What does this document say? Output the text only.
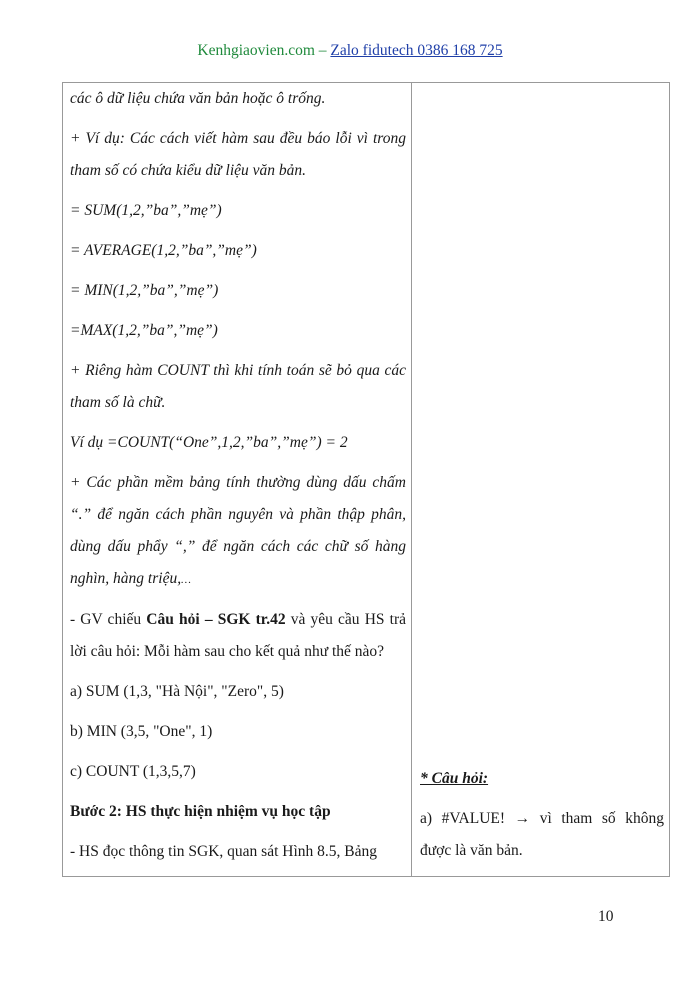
Kenhgiaovien.com – Zalo fidutech 0386 168 725

các ô dữ liệu chứa văn bản hoặc ô trống.

+ Ví dụ: Các cách viết hàm sau đều báo lỗi vì trong tham số có chứa kiểu dữ liệu văn bản.

= SUM(1,2,”ba”,”mẹ”)

= AVERAGE(1,2,”ba”,”mẹ”)

= MIN(1,2,”ba”,”mẹ”)

=MAX(1,2,”ba”,”mẹ”)

+ Riêng hàm COUNT thì khi tính toán sẽ bỏ qua các tham số là chữ.

Ví dụ =COUNT(“One”,1,2,”ba”,”mẹ”) = 2

+ Các phần mềm bảng tính thường dùng dấu chấm “.” để ngăn cách phần nguyên và phần thập phân, dùng dấu phẩy “,” để ngăn cách các chữ số hàng nghìn, hàng triệu,…

- GV chiếu Câu hỏi – SGK tr.42 và yêu cầu HS trả lời câu hỏi: Mỗi hàm sau cho kết quả như thế nào?

a) SUM (1,3, "Hà Nội", "Zero", 5)

b) MIN (3,5, "One", 1)

c) COUNT (1,3,5,7)

Bước 2: HS thực hiện nhiệm vụ học tập

- HS đọc thông tin SGK, quan sát Hình 8.5, Bảng

* Câu hỏi:

a) #VALUE! → vì tham số không được là văn bản.

10
